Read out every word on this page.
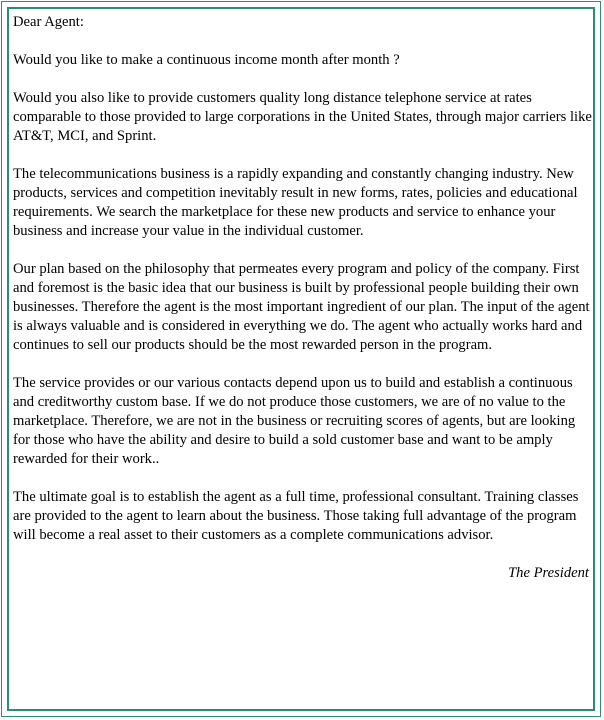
Dear Agent:

Would you like to make a continuous income month after month ?

Would you also like to provide customers quality long distance telephone service at rates comparable to those provided to large corporations in the United States, through major carriers like AT&T, MCI, and Sprint.

The telecommunications business is a rapidly expanding and constantly changing industry. New products, services and competition inevitably result in new forms, rates, policies and educational requirements. We search the marketplace for these new products and service to enhance your business and increase your value in the individual customer.

Our plan based on the philosophy that permeates every program and policy of the company. First and foremost is the basic idea that our business is built by professional people building their own businesses. Therefore the agent is the most important ingredient of our plan. The input of the agent is always valuable and is considered in everything we do. The agent who actually works hard and continues to sell our products should be the most rewarded person in the program.

The service provides or our various contacts depend upon us to build and establish a continuous and creditworthy custom base. If we do not produce those customers, we are of no value to the marketplace. Therefore, we are not in the business or recruiting scores of agents, but are looking for those who have the ability and desire to build a sold customer base and want to be amply rewarded for their work..

The ultimate goal is to establish the agent as a full time, professional consultant. Training classes are provided to the agent to learn about the business. Those taking full advantage of the program will become a real asset to their customers as a complete communications advisor.

The President
